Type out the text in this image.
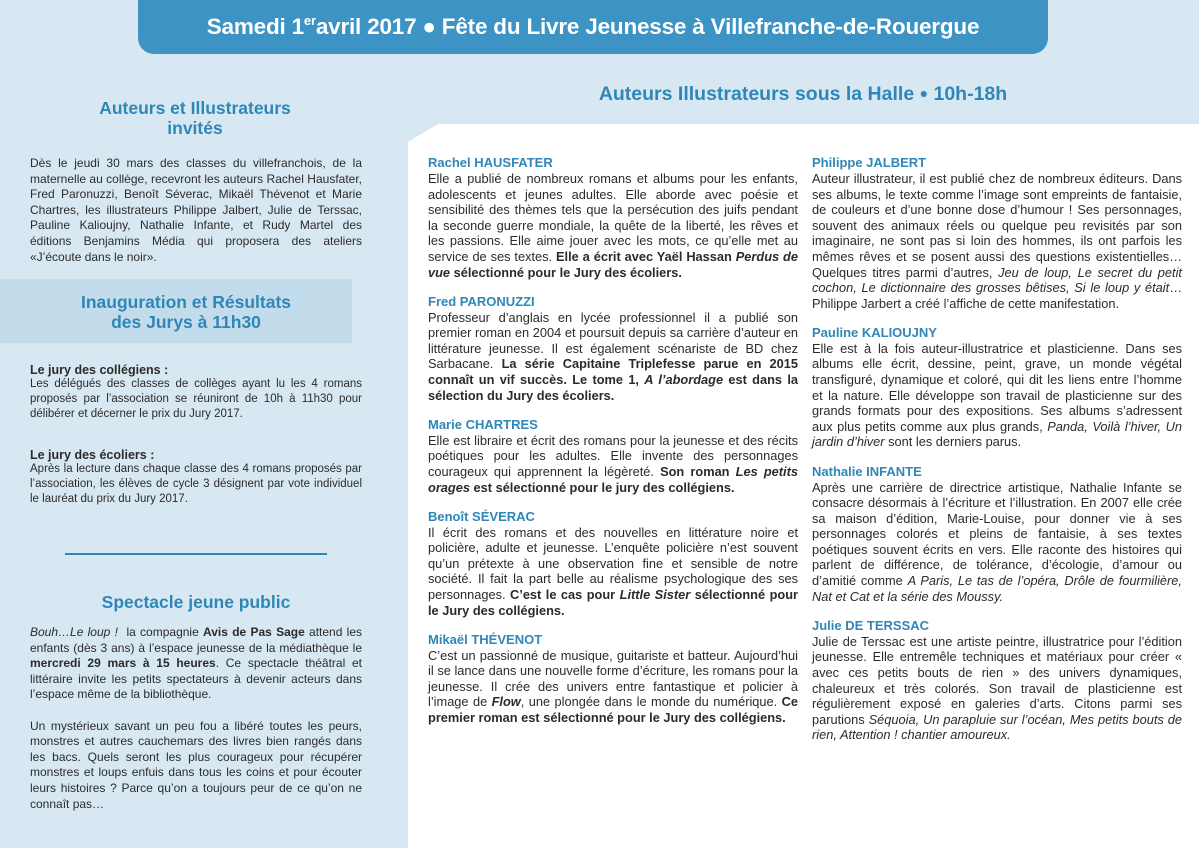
Samedi 1er avril 2017 ● Fête du Livre Jeunesse à Villefranche-de-Rouergue
Auteurs et Illustrateurs
invités
Dès le jeudi 30 mars des classes du villefranchois, de la maternelle au collège, recevront les auteurs Rachel Hausfater, Fred Paronuzzi, Benoît Séverac, Mikaël Thévenot et Marie Chartres, les illustrateurs Philippe Jalbert, Julie de Terssac, Pauline Kalioujny, Nathalie Infante, et Rudy Martel des éditions Benjamins Média qui proposera des ateliers «J’écoute dans le noir».
Inauguration et Résultats
des Jurys à 11h30
Le jury des collégiens :
Les délégués des classes de collèges ayant lu les 4 romans proposés par l’association se réuniront de 10h à 11h30 pour délibérer et décerner le prix du Jury 2017.
Le jury des écoliers :
Après la lecture dans chaque classe des 4 romans proposés par l’association, les élèves de cycle 3 désignent par vote individuel le lauréat du prix du Jury 2017.
Spectacle jeune public
Bouh…Le loup !  la compagnie Avis de Pas Sage attend les enfants (dès 3 ans) à l’espace jeunesse de la médiathèque le mercredi 29 mars à 15 heures. Ce spectacle théâtral et littéraire invite les petits spectateurs à devenir acteurs dans l’espace même de la bibliothèque.
Un mystérieux savant un peu fou a libéré toutes les peurs, monstres et autres cauchemars des livres bien rangés dans les bacs. Quels seront les plus courageux pour récupérer monstres et loups enfuis dans tous les coins et pour écouter leurs histoires ? Parce qu’on a toujours peur de ce qu’on ne connaît pas…
Auteurs Illustrateurs sous la Halle ● 10h-18h
Rachel HAUSFATER
Elle a publié de nombreux romans et albums pour les enfants, adolescents et jeunes adultes. Elle aborde avec poésie et sensibilité des thèmes tels que la persécution des juifs pendant la seconde guerre mondiale, la quête de la liberté, les rêves et les passions. Elle aime jouer avec les mots, ce qu’elle met au service de ses textes. Elle a écrit avec Yaël Hassan Perdus de vue sélectionné pour le Jury des écoliers.
Fred PARONUZZI
Professeur d’anglais en lycée professionnel il a publié son premier roman en 2004 et poursuit depuis sa carrière d’auteur en littérature jeunesse. Il est également scénariste de BD chez Sarbacane. La série Capitaine Triplefesse parue en 2015 connaît un vif succès. Le tome 1, A l’abordage est dans la sélection du Jury des écoliers.
Marie CHARTRES
Elle est libraire et écrit des romans pour la jeunesse et des récits poétiques pour les adultes. Elle invente des personnages courageux qui apprennent la légèreté. Son roman Les petits orages est sélectionné pour le jury des collégiens.
Benoît SÉVERAC
Il écrit des romans et des nouvelles en littérature noire et policière, adulte et jeunesse. L’enquête policière n’est souvent qu’un prétexte à une observation fine et sensible de notre société. Il fait la part belle au réalisme psychologique des ses personnages. C’est le cas pour Little Sister sélectionné pour le Jury des collégiens.
Mikaël THÉVENOT
C’est un passionné de musique, guitariste et batteur. Aujourd’hui il se lance dans une nouvelle forme d’écriture, les romans pour la jeunesse. Il crée des univers entre fantastique et policier à l’image de Flow, une plongée dans le monde du numérique. Ce premier roman est sélectionné pour le Jury des collégiens.
Philippe JALBERT
Auteur illustrateur, il est publié chez de nombreux éditeurs. Dans ses albums, le texte comme l’image sont empreints de fantaisie, de couleurs et d’une bonne dose d’humour ! Ses personnages, souvent des animaux réels ou quelque peu revisités par son imaginaire, ne sont pas si loin des hommes, ils ont parfois les mêmes rêves et se posent aussi des questions existentielles…Quelques titres parmi d’autres, Jeu de loup, Le secret du petit cochon, Le dictionnaire des grosses bêtises, Si le loup y était…Philippe Jarbert a créé l’affiche de cette manifestation.
Pauline KALIOUJNY
Elle est à la fois auteur-illustratrice et plasticienne. Dans ses albums elle écrit, dessine, peint, grave, un monde végétal transfiguré, dynamique et coloré, qui dit les liens entre l’homme et la nature. Elle développe son travail de plasticienne sur des grands formats pour des expositions. Ses albums s’adressent aux plus petits comme aux plus grands, Panda, Voilà l’hiver, Un jardin d’hiver sont les derniers parus.
Nathalie INFANTE
Après une carrière de directrice artistique, Nathalie Infante se consacre désormais à l’écriture et l’illustration. En 2007 elle crée sa maison d’édition, Marie-Louise, pour donner vie à ses personnages colorés et pleins de fantaisie, à ses textes poétiques souvent écrits en vers. Elle raconte des histoires qui parlent de différence, de tolérance, d’écologie, d’amour ou d’amitié comme A Paris, Le tas de l’opéra, Drôle de fourmilière, Nat et Cat et la série des Moussy.
Julie DE TERSSAC
Julie de Terssac est une artiste peintre, illustratrice pour l’édition jeunesse. Elle entremêle techniques et matériaux pour créer « avec ces petits bouts de rien » des univers dynamiques, chaleureux et très colorés. Son travail de plasticienne est régulièrement exposé en galeries d’arts. Citons parmi ses parutions Séquoia, Un parapluie sur l’océan, Mes petits bouts de rien, Attention ! chantier amoureux.
